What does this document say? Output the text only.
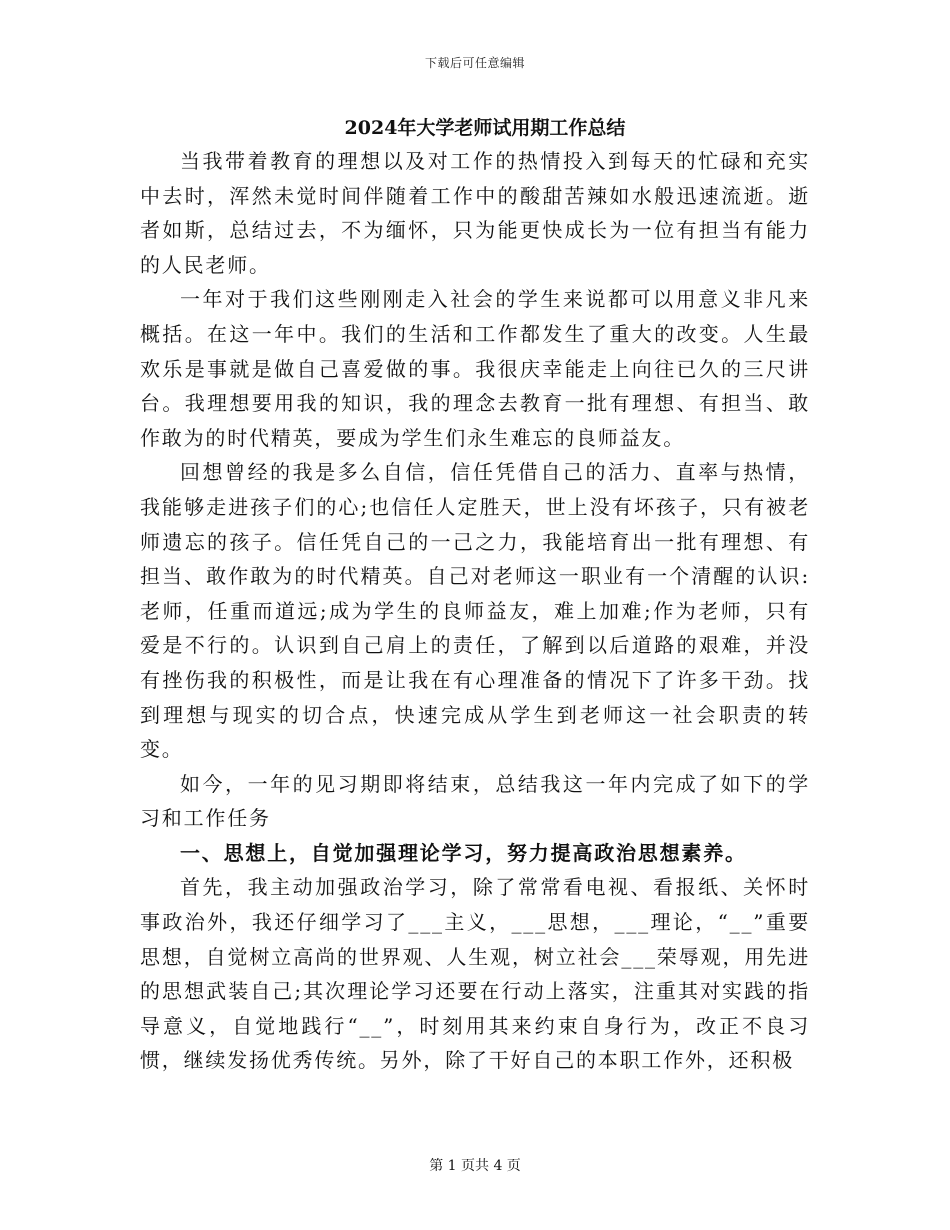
下载后可任意编辑
2024年大学老师试用期工作总结

当我带着教育的理想以及对工作的热情投入到每天的忙碌和充实中去时，浑然未觉时间伴随着工作中的酸甜苦辣如水般迅速流逝。逝者如斯，总结过去，不为缅怀，只为能更快成长为一位有担当有能力的人民老师。

一年对于我们这些刚刚走入社会的学生来说都可以用意义非凡来概括。在这一年中。我们的生活和工作都发生了重大的改变。人生最欢乐是事就是做自己喜爱做的事。我很庆幸能走上向往已久的三尺讲台。我理想要用我的知识，我的理念去教育一批有理想、有担当、敢作敢为的时代精英，要成为学生们永生难忘的良师益友。

回想曾经的我是多么自信，信任凭借自己的活力、直率与热情，我能够走进孩子们的心;也信任人定胜天，世上没有坏孩子，只有被老师遗忘的孩子。信任凭自己的一己之力，我能培育出一批有理想、有担当、敢作敢为的时代精英。自己对老师这一职业有一个清醒的认识:老师，任重而道远;成为学生的良师益友，难上加难;作为老师，只有爱是不行的。认识到自己肩上的责任，了解到以后道路的艰难，并没有挫伤我的积极性，而是让我在有心理准备的情况下了许多干劲。找到理想与现实的切合点，快速完成从学生到老师这一社会职责的转变。

如今，一年的见习期即将结束，总结我这一年内完成了如下的学习和工作任务

一、思想上，自觉加强理论学习，努力提高政治思想素养。

首先，我主动加强政治学习，除了常常看电视、看报纸、关怀时事政治外，我还仔细学习了___主义，___思想，___理论，“__”重要思想，自觉树立高尚的世界观、人生观，树立社会___荣辱观，用先进的思想武装自己;其次理论学习还要在行动上落实，注重其对实践的指导意义，自觉地践行“__”，时刻用其来约束自身行为，改正不良习惯，继续发扬优秀传统。另外，除了干好自己的本职工作外，还积极

第 1 页共 4 页
